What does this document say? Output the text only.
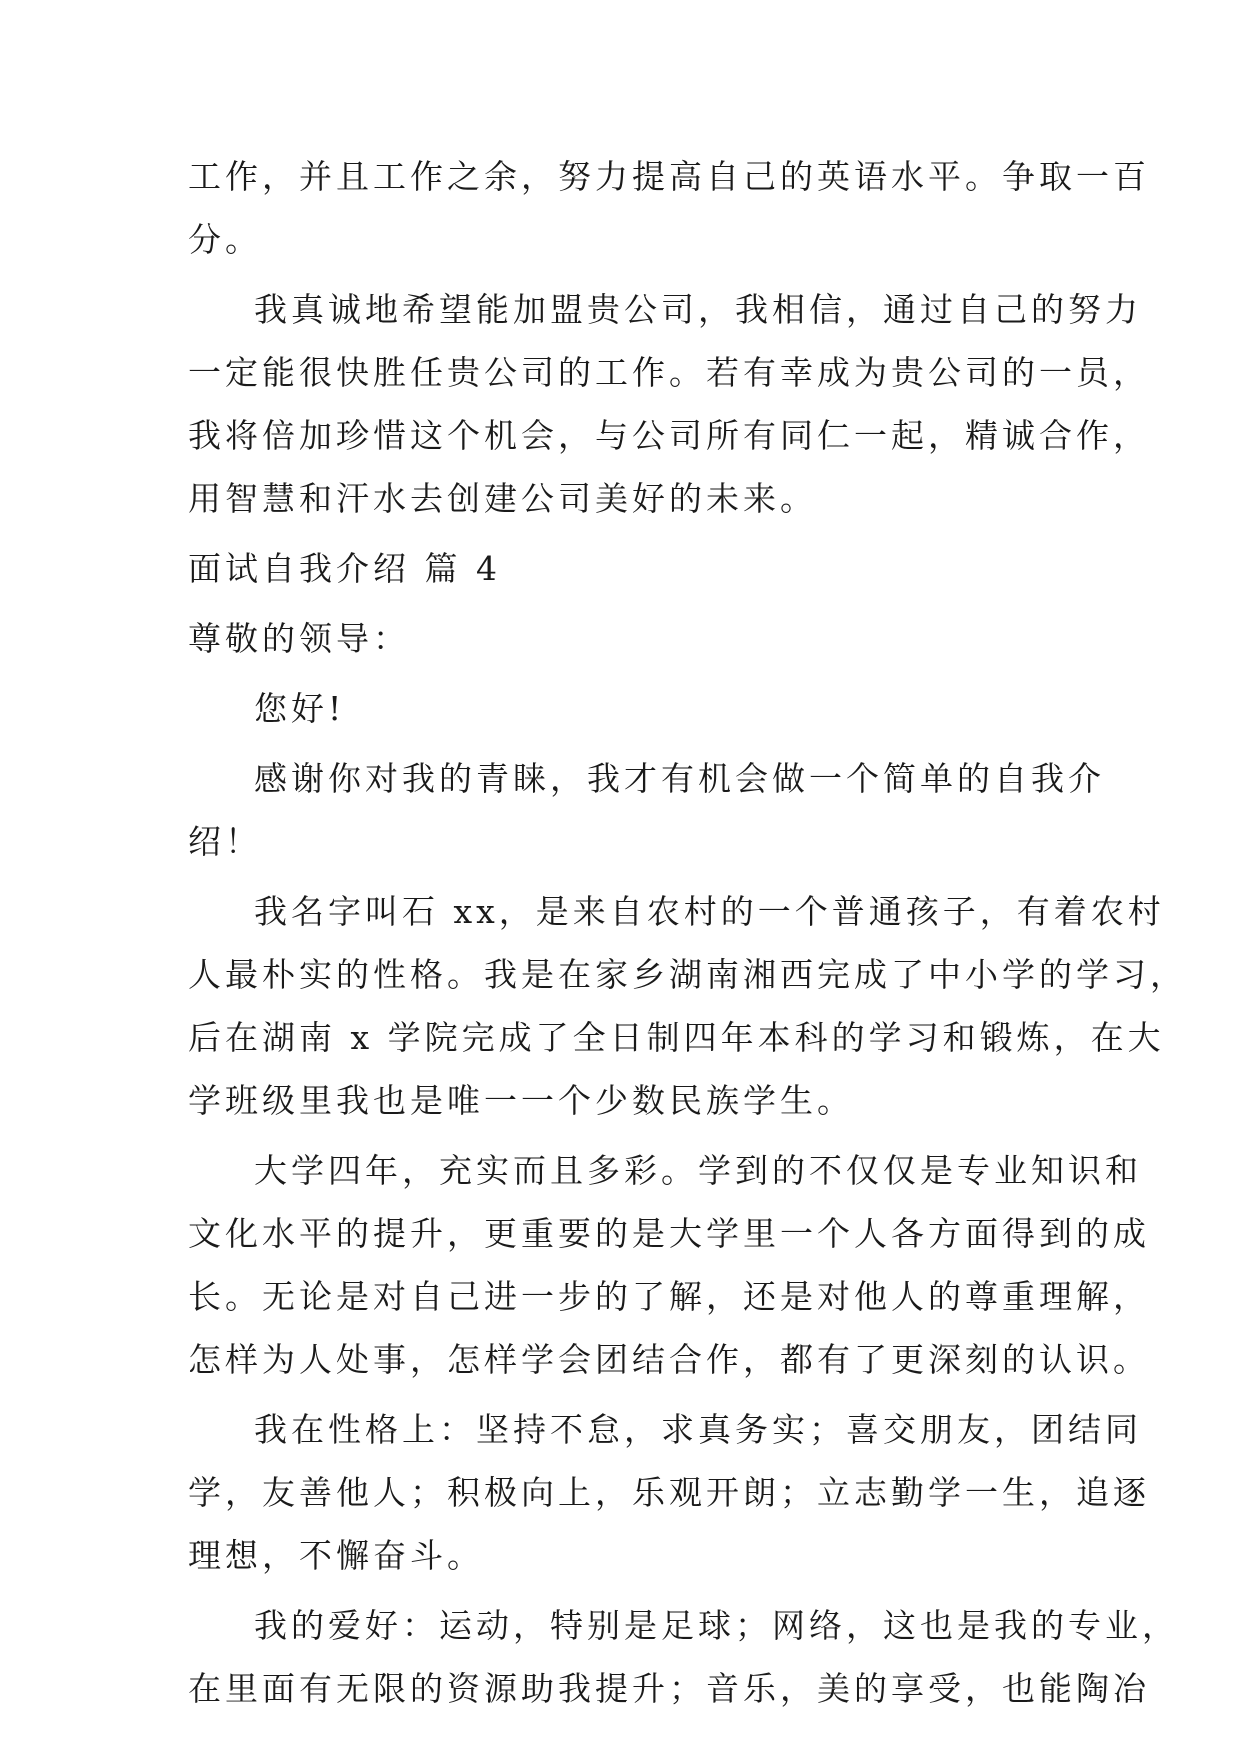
工作，并且工作之余，努力提高自己的英语水平。争取一百

分。

我真诚地希望能加盟贵公司，我相信，通过自己的努力

一定能很快胜任贵公司的工作。若有幸成为贵公司的一员，

我将倍加珍惜这个机会，与公司所有同仁一起，精诚合作，

用智慧和汗水去创建公司美好的未来。

面试自我介绍 篇 4

尊敬的领导：

您好!

感谢你对我的青睐，我才有机会做一个简单的自我介

绍！

我名字叫石 xx，是来自农村的一个普通孩子，有着农村

人最朴实的性格。我是在家乡湖南湘西完成了中小学的学习，

后在湖南 x 学院完成了全日制四年本科的学习和锻炼，在大

学班级里我也是唯一一个少数民族学生。

大学四年，充实而且多彩。学到的不仅仅是专业知识和

文化水平的提升，更重要的是大学里一个人各方面得到的成

长。无论是对自己进一步的了解，还是对他人的尊重理解，

怎样为人处事，怎样学会团结合作，都有了更深刻的认识。

我在性格上：坚持不怠，求真务实；喜交朋友，团结同

学，友善他人；积极向上，乐观开朗；立志勤学一生，追逐

理想，不懈奋斗。

我的爱好：运动，特别是足球；网络，这也是我的专业，

在里面有无限的资源助我提升；音乐，美的享受，也能陶冶
